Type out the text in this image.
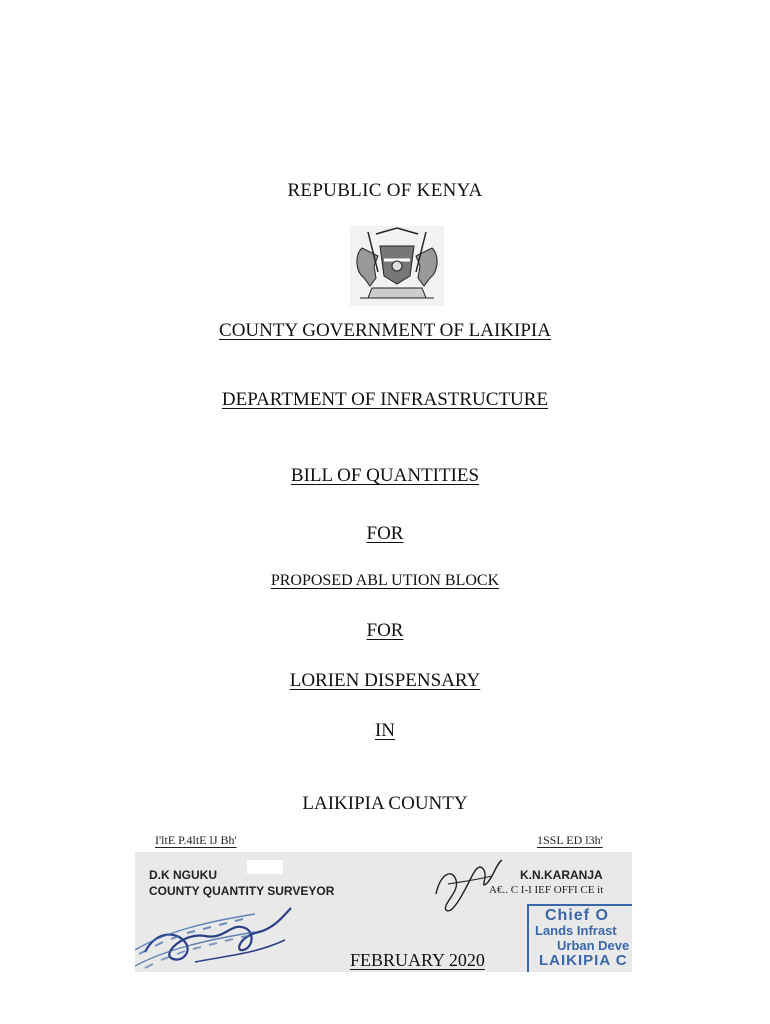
REPUBLIC OF KENYA
COUNTY GOVERNMENT OF LAIKIPIA
DEPARTMENT OF INFRASTRUCTURE
BILL OF QUANTITIES
FOR
PROPOSED ABL UTION BLOCK
FOR
LORIEN DISPENSARY
IN
LAIKIPIA COUNTY
I'ltE P.4ltE lJ Bh'	1SSL ED l3h'
D.K NGUKU
COUNTY QUANTITY SURVEYOR
K.N.KARANJA
A€.. C I-I IEF OFFI CE it
Chief O
Lands Infrast
Urban Deve
LAIKIPIA C
FEBRUARY 2020
